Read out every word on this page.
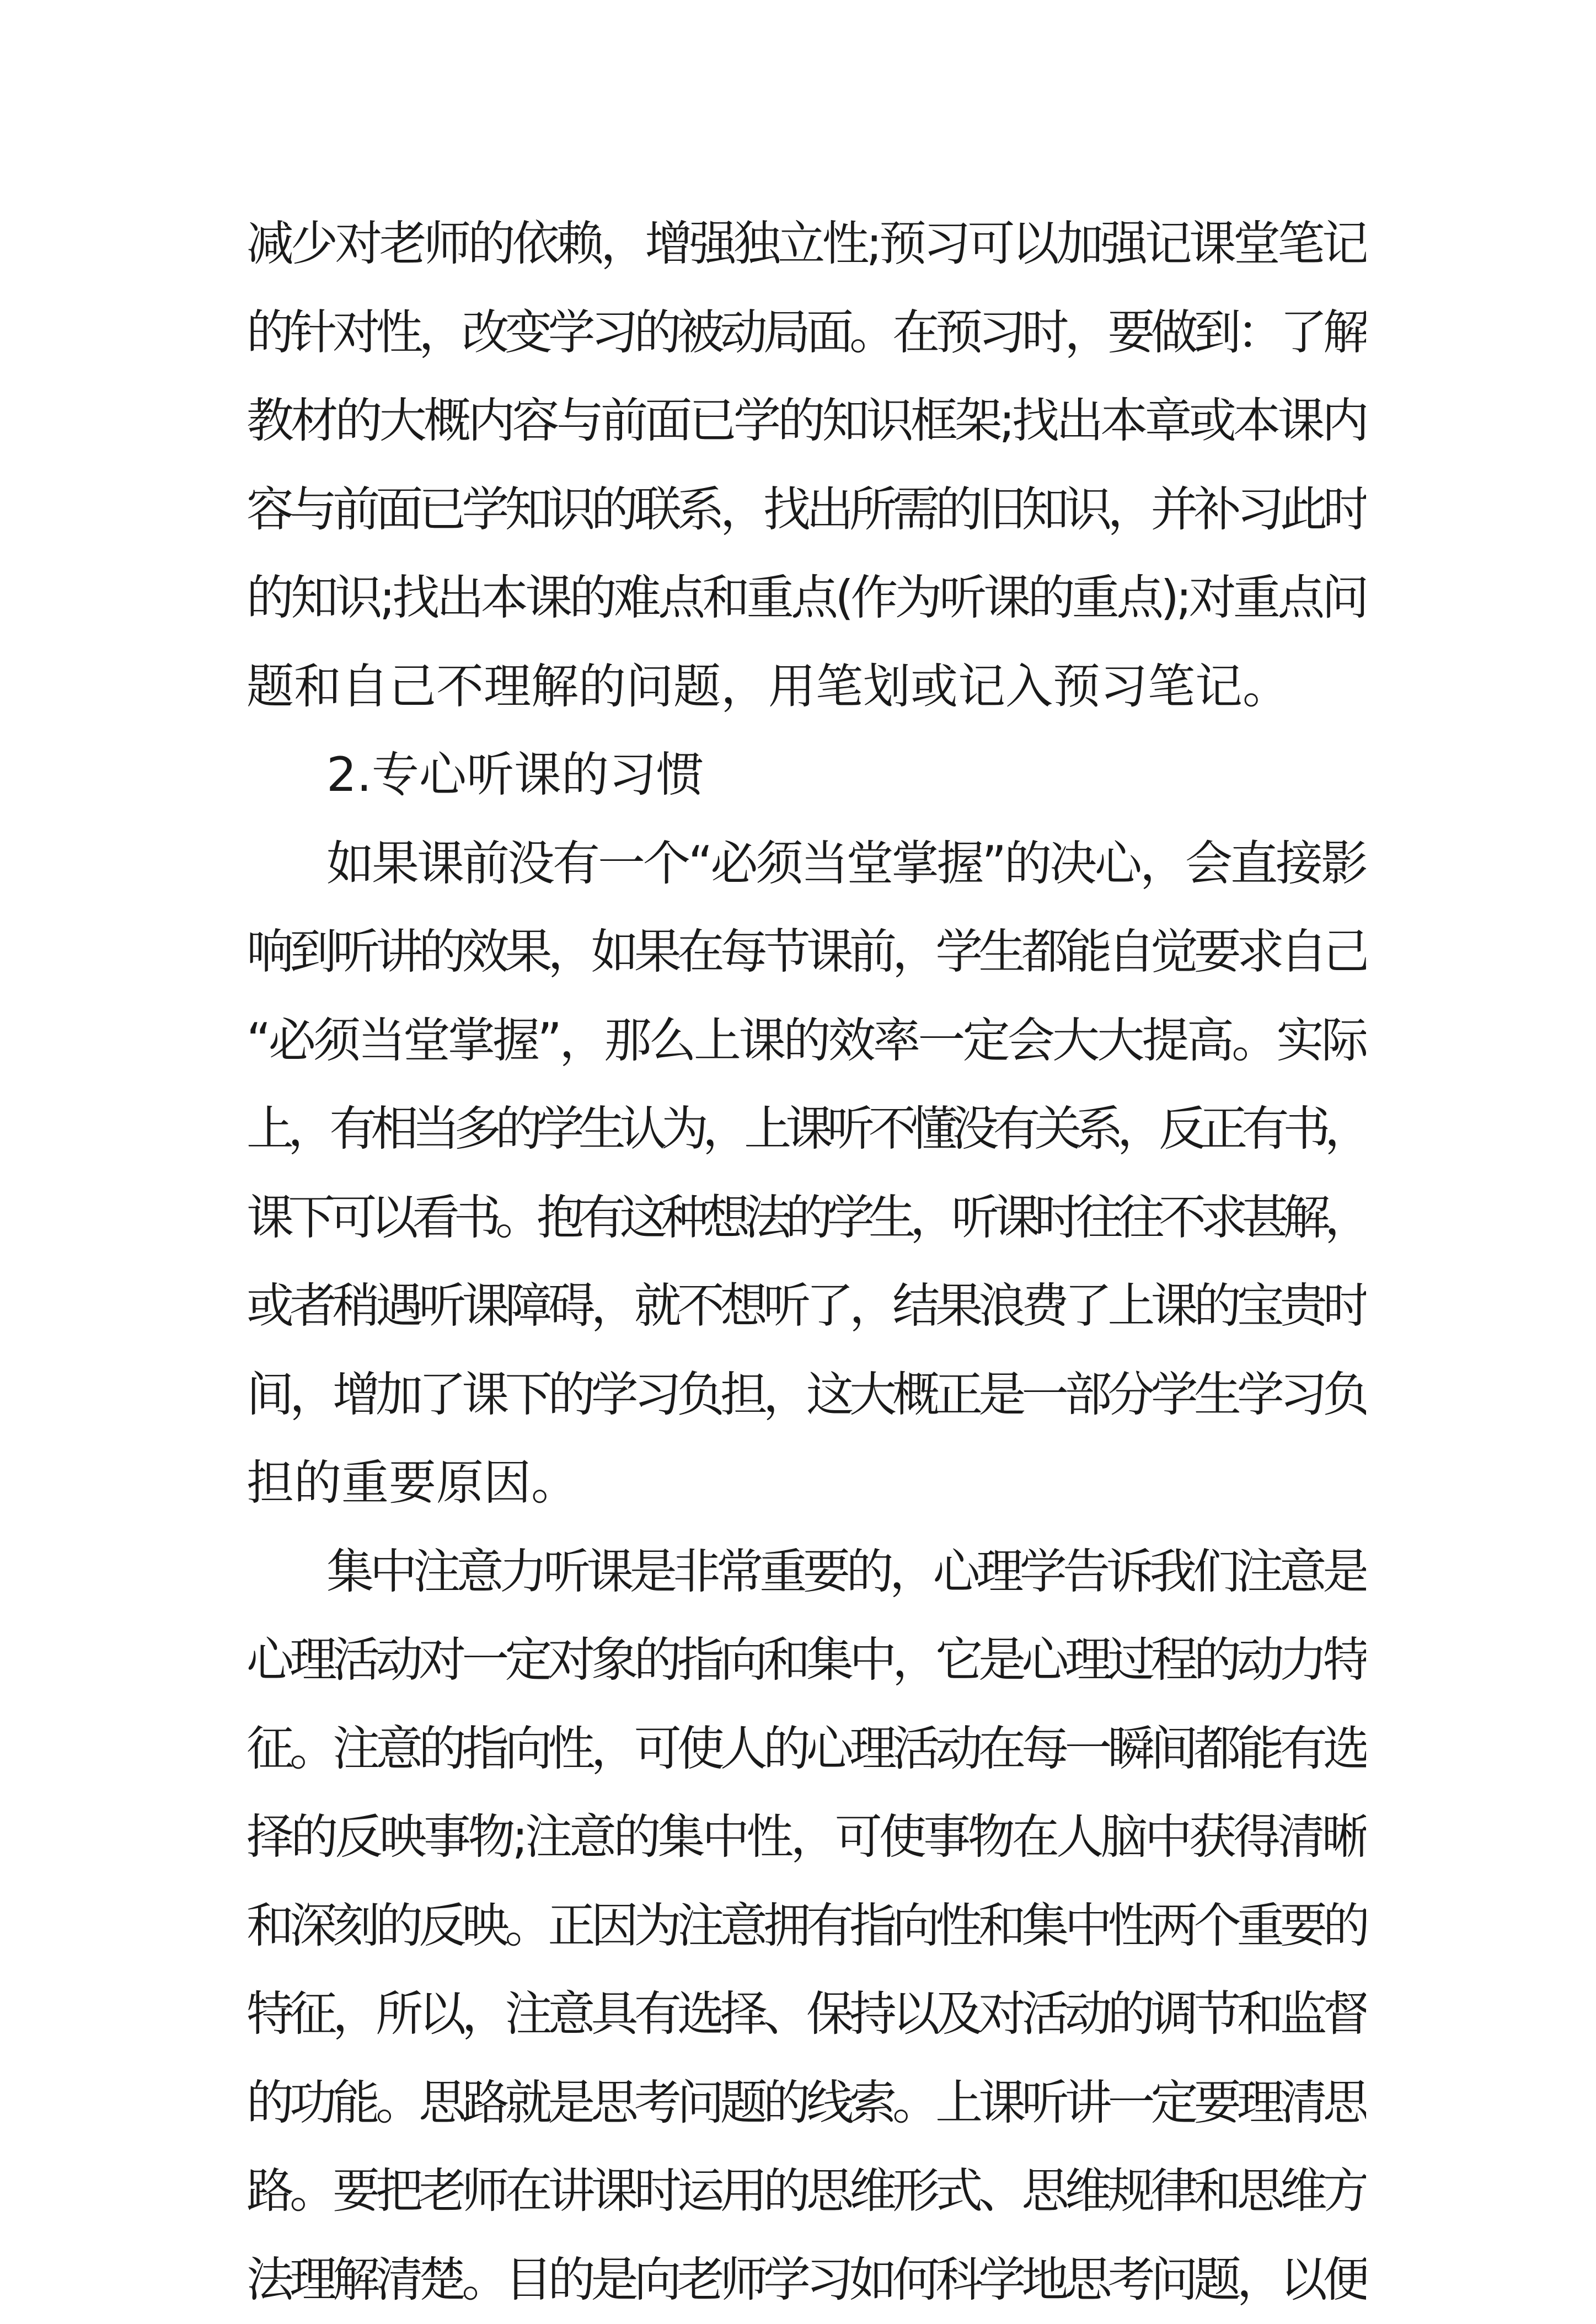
减少对老师的依赖，增强独立性;预习可以加强记课堂笔记
的针对性，改变学习的被动局面。在预习时，要做到：了解
教材的大概内容与前面已学的知识框架;找出本章或本课内
容与前面已学知识的联系，找出所需的旧知识，并补习此时
的知识;找出本课的难点和重点(作为听课的重点);对重点问
题和自己不理解的问题，用笔划或记入预习笔记。
2.专心听课的习惯
如果课前没有一个“必须当堂掌握”的决心，会直接影
响到听讲的效果，如果在每节课前，学生都能自觉要求自己
“必须当堂掌握”，那么上课的效率一定会大大提高。实际
上，有相当多的学生认为，上课听不懂没有关系，反正有书，
课下可以看书。抱有这种想法的学生，听课时往往不求甚解，
或者稍遇听课障碍，就不想听了，结果浪费了上课的宝贵时
间，增加了课下的学习负担，这大概正是一部分学生学习负
担的重要原因。
集中注意力听课是非常重要的，心理学告诉我们注意是
心理活动对一定对象的指向和集中，它是心理过程的动力特
征。注意的指向性，可使人的心理活动在每一瞬间都能有选
择的反映事物;注意的集中性，可使事物在人脑中获得清晰
和深刻的反映。正因为注意拥有指向性和集中性两个重要的
特征，所以，注意具有选择、保持以及对活动的调节和监督
的功能。思路就是思考问题的线索。上课听讲一定要理清思
路。要把老师在讲课时运用的思维形式、思维规律和思维方
法理解清楚。目的是向老师学习如何科学地思考问题，以便
